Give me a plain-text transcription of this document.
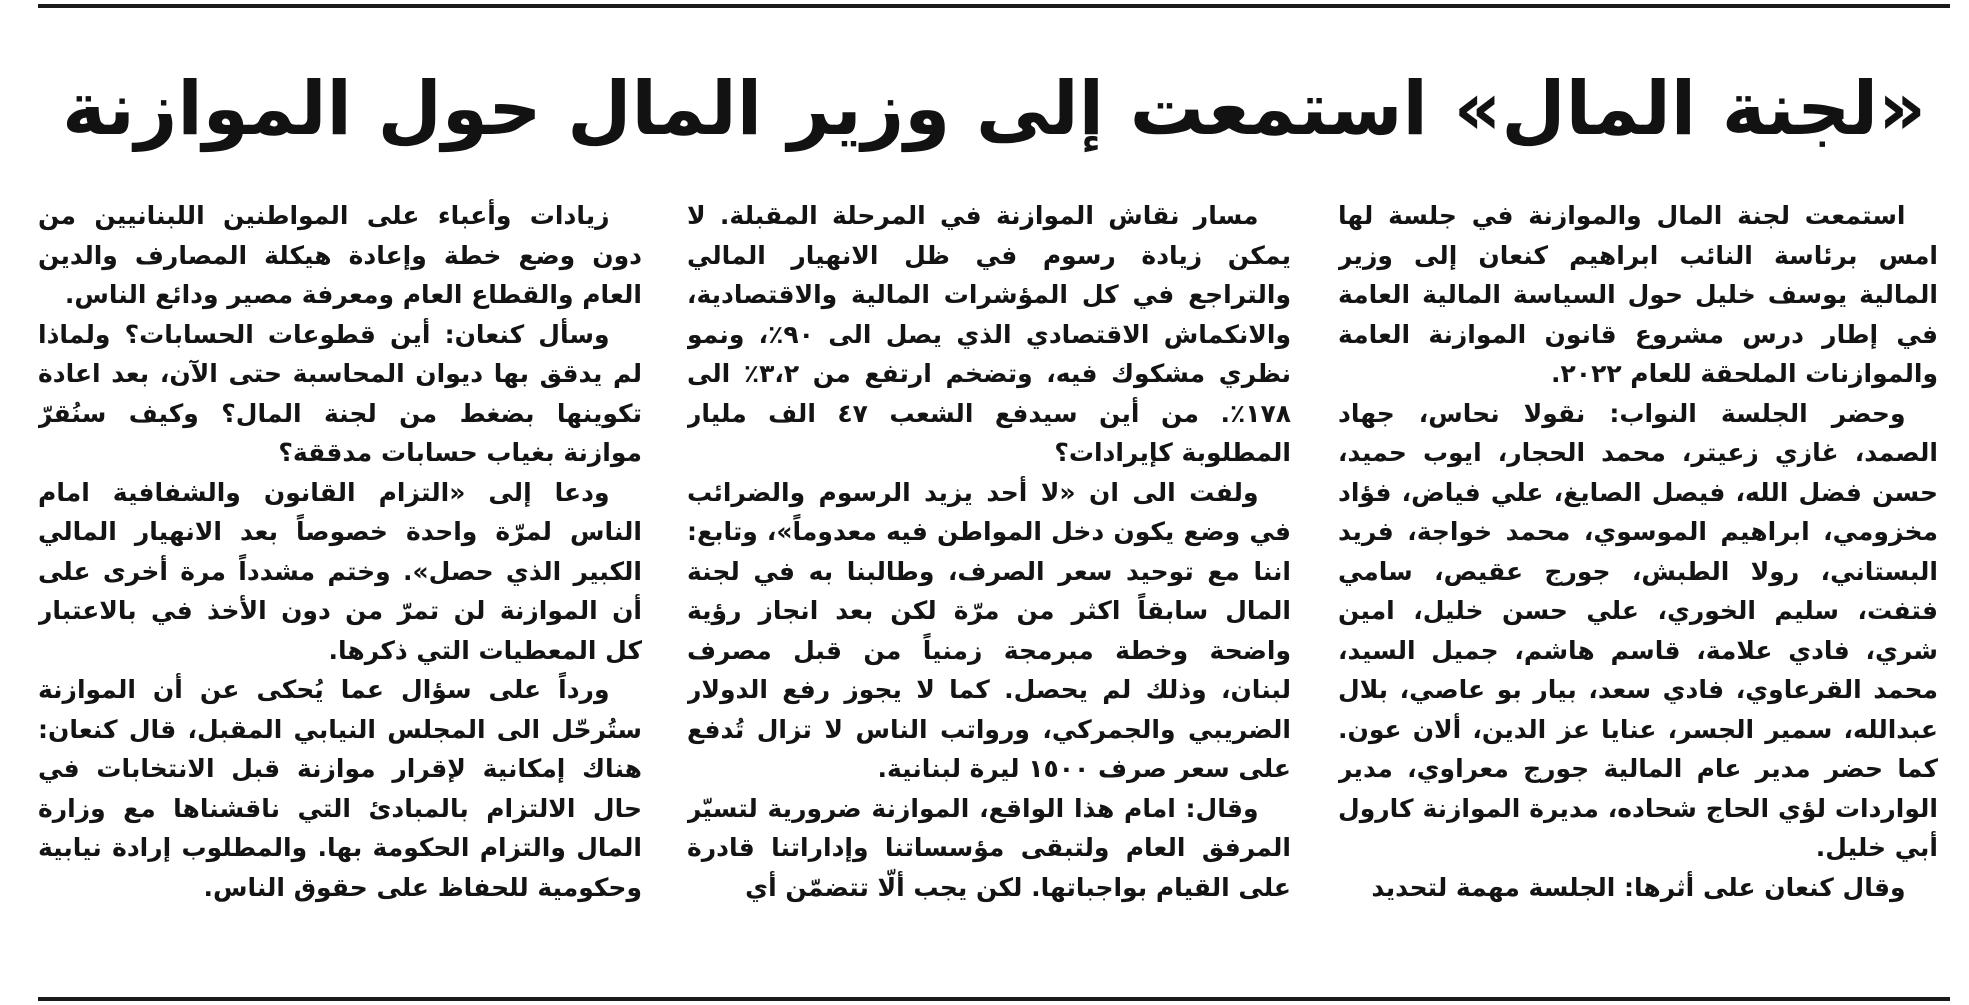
«لجنة المال» استمعت إلى وزير المال حول الموازنة

استمعت لجنة المال والموازنة في جلسة لها امس برئاسة النائب ابراهيم كنعان إلى وزير المالية يوسف خليل حول السياسة المالية العامة في إطار درس مشروع قانون الموازنة العامة والموازنات الملحقة للعام ٢٠٢٢.

وحضر الجلسة النواب: نقولا نحاس، جهاد الصمد، غازي زعيتر، محمد الحجار، ايوب حميد، حسن فضل الله، فيصل الصايغ، علي فياض، فؤاد مخزومي، ابراهيم الموسوي، محمد خواجة، فريد البستاني، رولا الطبش، جورج عقيص، سامي فتفت، سليم الخوري، علي حسن خليل، امين شري، فادي علامة، قاسم هاشم، جميل السيد، محمد القرعاوي، فادي سعد، بيار بو عاصي، بلال عبدالله، سمير الجسر، عنايا عز الدين، ألان عون. كما حضر مدير عام المالية جورج معراوي، مدير الواردات لؤي الحاج شحاده، مديرة الموازنة كارول أبي خليل.

وقال كنعان على أثرها: الجلسة مهمة لتحديد

مسار نقاش الموازنة في المرحلة المقبلة. لا يمكن زيادة رسوم في ظل الانهيار المالي والتراجع في كل المؤشرات المالية والاقتصادية، والانكماش الاقتصادي الذي يصل الى ٩٠٪، ونمو نظري مشكوك فيه، وتضخم ارتفع من ٣،٢٪ الى ١٧٨٪. من أين سيدفع الشعب ٤٧ الف مليار المطلوبة كإيرادات؟

ولفت الى ان «لا أحد يزيد الرسوم والضرائب في وضع يكون دخل المواطن فيه معدوماً»، وتابع: اننا مع توحيد سعر الصرف، وطالبنا به في لجنة المال سابقاً اكثر من مرّة لكن بعد انجاز رؤية واضحة وخطة مبرمجة زمنياً من قبل مصرف لبنان، وذلك لم يحصل. كما لا يجوز رفع الدولار الضريبي والجمركي، ورواتب الناس لا تزال تُدفع على سعر صرف ١٥٠٠ ليرة لبنانية.

وقال: امام هذا الواقع، الموازنة ضرورية لتسيّر المرفق العام ولتبقى مؤسساتنا وإداراتنا قادرة على القيام بواجباتها. لكن يجب ألّا تتضمّن أي

زيادات وأعباء على المواطنين اللبنانيين من دون وضع خطة وإعادة هيكلة المصارف والدين العام والقطاع العام ومعرفة مصير ودائع الناس.

وسأل كنعان: أين قطوعات الحسابات؟ ولماذا لم يدقق بها ديوان المحاسبة حتى الآن، بعد اعادة تكوينها بضغط من لجنة المال؟ وكيف سنُقرّ موازنة بغياب حسابات مدققة؟

ودعا إلى «التزام القانون والشفافية امام الناس لمرّة واحدة خصوصاً بعد الانهيار المالي الكبير الذي حصل». وختم مشدداً مرة أخرى على أن الموازنة لن تمرّ من دون الأخذ في بالاعتبار كل المعطيات التي ذكرها.

ورداً على سؤال عما يُحكى عن أن الموازنة ستُرحّل الى المجلس النيابي المقبل، قال كنعان: هناك إمكانية لإقرار موازنة قبل الانتخابات في حال الالتزام بالمبادئ التي ناقشناها مع وزارة المال والتزام الحكومة بها. والمطلوب إرادة نيابية وحكومية للحفاظ على حقوق الناس.
